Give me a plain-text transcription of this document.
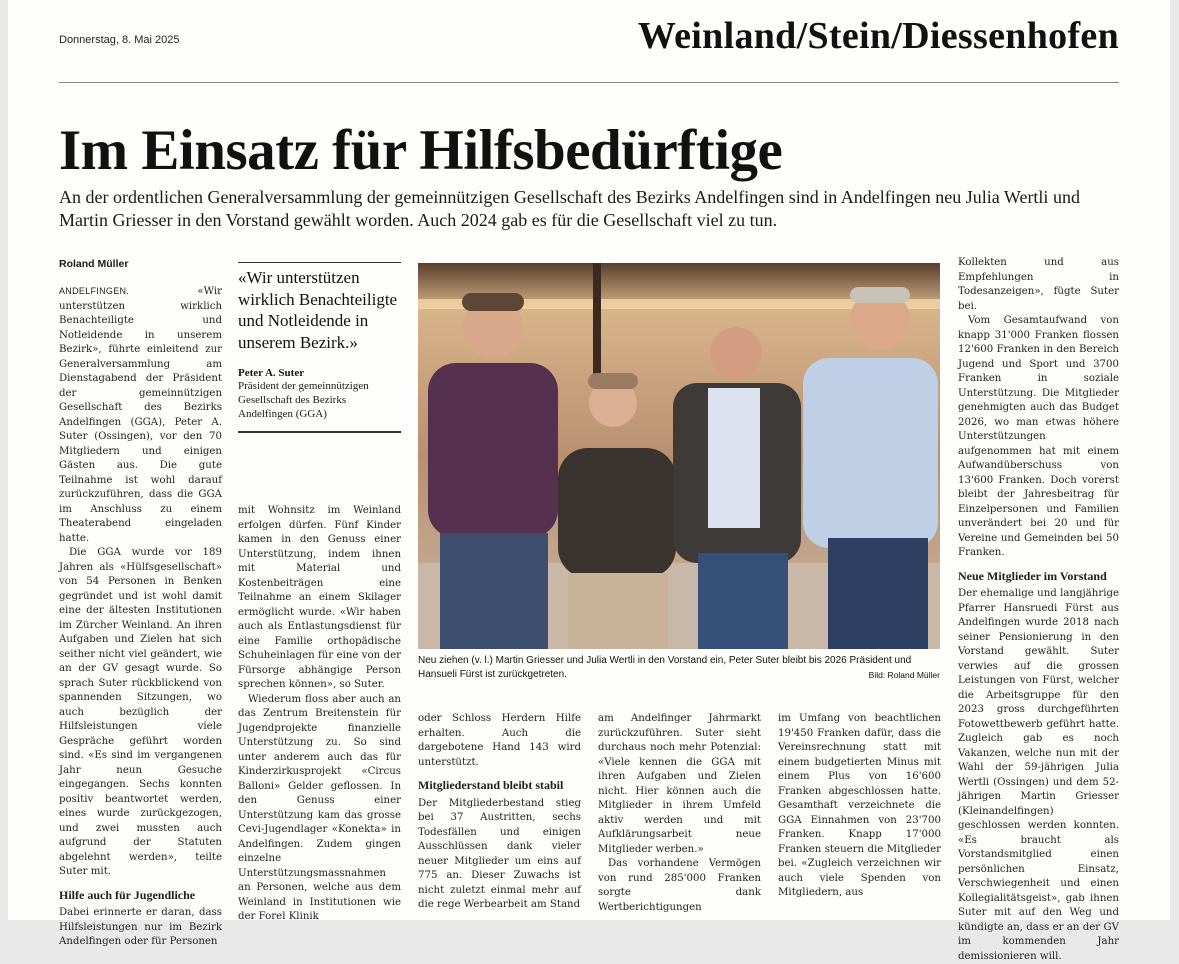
Donnerstag, 8. Mai 2025	Weinland/Stein/Diessenhofen
Im Einsatz für Hilfsbedürftige
An der ordentlichen Generalversammlung der gemeinnützigen Gesellschaft des Bezirks Andelfingen sind in Andelfingen neu Julia Wertli und Martin Griesser in den Vorstand gewählt worden. Auch 2024 gab es für die Gesellschaft viel zu tun.
Roland Müller

ANDELFINGEN.	«Wir unterstützen wirklich Benachteiligte und Notleidende in unserem Bezirk», führte einleitend zur Generalversammlung am Dienstagabend der Präsident der gemeinnützigen Gesellschaft des Bezirks Andelfingen (GGA), Peter A. Suter (Ossingen), vor den 70 Mitgliedern und einigen Gästen aus. Die gute Teilnahme ist wohl darauf zurückzuführen, dass die GGA im Anschluss zu einem Theaterabend eingeladen hatte.

Die GGA wurde vor 189 Jahren als «Hülfsgesellschaft» von 54 Personen in Benken gegründet und ist wohl damit eine der ältesten Institutionen im Zürcher Weinland. An ihren Aufgaben und Zielen hat sich seither nicht viel geändert, wie an der GV gesagt wurde. So sprach Suter rückblickend von spannenden Sitzungen, wo auch bezüglich der Hilfsleistungen viele Gespräche geführt worden sind. «Es sind im vergangenen Jahr neun Gesuche eingegangen. Sechs konnten positiv beantwortet werden, eines wurde zurückgezogen, und zwei mussten auch aufgrund der Statuten abgelehnt werden», teilte Suter mit.

Hilfe auch für Jugendliche

Dabei erinnerte er daran, dass Hilfsleistungen nur im Bezirk Andelfingen oder für Personen

«Wir unterstützen wirklich Benachteiligte und Notleidende in unserem Bezirk.»
Peter A. Suter
Präsident der gemeinnützigen Gesellschaft des Bezirks Andelfingen (GGA)

mit Wohnsitz im Weinland erfolgen dürfen. Fünf Kinder kamen in den Genuss einer Unterstützung, indem ihnen mit Material und Kostenbeiträgen eine Teilnahme an einem Skilager ermöglicht wurde. «Wir haben auch als Entlastungsdienst für eine Familie orthopädische Schuheinlagen für eine von der Fürsorge abhängige Person sprechen können», so Suter.

Wiederum floss aber auch an das Zentrum Breitenstein für Jugendprojekte finanzielle Unterstützung zu. So sind unter anderem auch das für Kinderzirkusprojekt «Circus Balloni» Gelder geflossen. In den Genuss einer Unterstützung kam das grosse Cevi-Jugendlager «Konekta» in Andelfingen. Zudem gingen einzelne Unterstützungsmassnahmen an Personen, welche aus dem Weinland in Institutionen wie der Forel Klinik

Neu ziehen (v. l.) Martin Griesser und Julia Wertli in den Vorstand ein, Peter Suter bleibt bis 2026 Präsident und Hansueli Fürst ist zurückgetreten.	Bild: Roland Müller

oder Schloss Herdern Hilfe erhalten. Auch die dargebotene Hand 143 wird unterstützt.

Mitgliederstand bleibt stabil

Der Mitgliederbestand stieg bei 37 Austritten, sechs Todesfällen und einigen Ausschlüssen dank vieler neuer Mitglieder um eins auf 775 an. Dieser Zuwachs ist nicht zuletzt einmal mehr auf die rege Werbearbeit am Stand

am Andelfinger Jahrmarkt zurückzuführen. Suter sieht durchaus noch mehr Potenzial: «Viele kennen die GGA mit ihren Aufgaben und Zielen nicht. Hier können auch die Mitglieder in ihrem Umfeld aktiv werden und mit Aufklärungsarbeit neue Mitglieder werben.»

Das vorhandene Vermögen von rund 285'000 Franken sorgte dank Wertberichtigungen

im Umfang von beachtlichen 19'450 Franken dafür, dass die Vereinsrechnung statt mit einem budgetierten Minus mit einem Plus von 16'600 Franken abgeschlossen hatte. Gesamthaft verzeichnete die GGA Einnahmen von 23'700 Franken. Knapp 17'000 Franken steuern die Mitglieder bei. «Zugleich verzeichnen wir auch viele Spenden von Mitgliedern, aus

Kollekten und aus Empfehlungen in Todesanzeigen», fügte Suter bei.

Vom Gesamtaufwand von knapp 31'000 Franken flossen 12'600 Franken in den Bereich Jugend und Sport und 3700 Franken in soziale Unterstützung. Die Mitglieder genehmigten auch das Budget 2026, wo man etwas höhere Unterstützungen aufgenommen hat mit einem Aufwandüberschuss von 13'600 Franken. Doch vorerst bleibt der Jahresbeitrag für Einzelpersonen und Familien unverändert bei 20 und für Vereine und Gemeinden bei 50 Franken.

Neue Mitglieder im Vorstand

Der ehemalige und langjährige Pfarrer Hansruedi Fürst aus Andelfingen wurde 2018 nach seiner Pensionierung in den Vorstand gewählt. Suter verwies auf die grossen Leistungen von Fürst, welcher die Arbeitsgruppe für den 2023 gross durchgeführten Fotowettbewerb geführt hatte. Zugleich gab es noch Vakanzen, welche nun mit der Wahl der 59-jährigen Julia Wertli (Ossingen) und dem 52-jährigen Martin Griesser (Kleinandelfingen) geschlossen werden konnten. «Es braucht als Vorstandsmitglied einen persönlichen Einsatz, Verschwiegenheit und einen Kollegialitätsgeist», gab ihnen Suter mit auf den Weg und kündigte an, dass er an der GV im kommenden Jahr demissionieren will.
